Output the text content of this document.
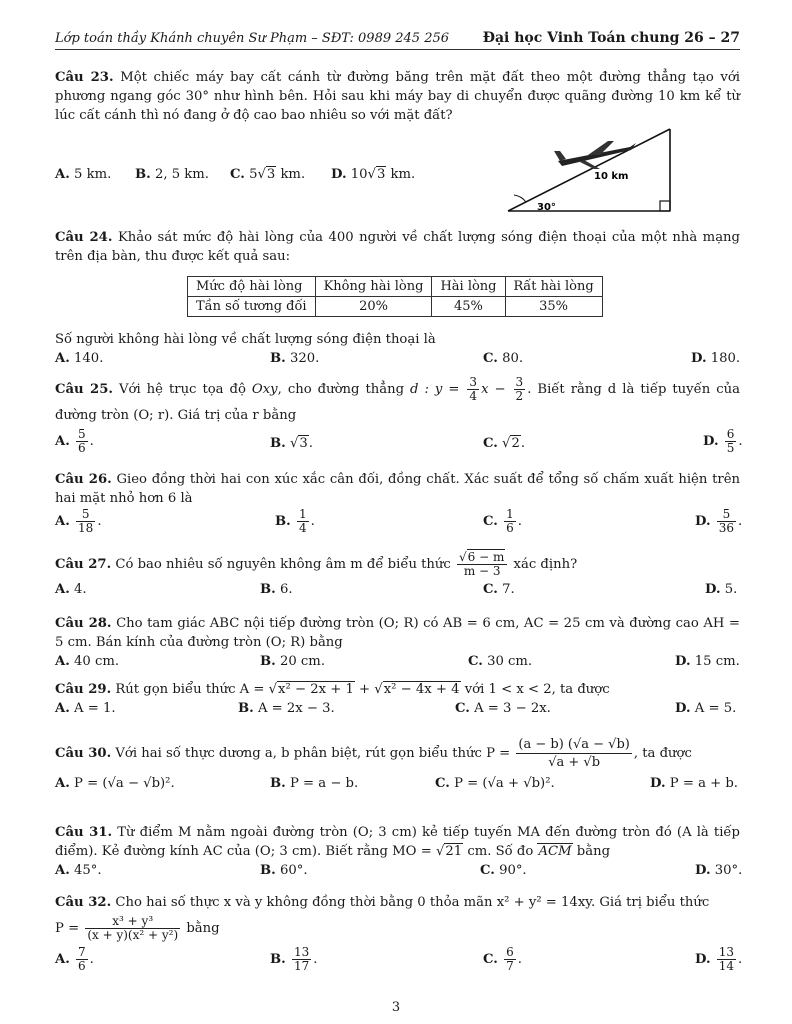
Lớp toán thầy Khánh chuyên Sư Phạm – SĐT: 0989 245 256 Đại học Vinh Toán chung 26 – 27

Câu 23. Một chiếc máy bay cất cánh từ đường băng trên mặt đất theo một đường thẳng tạo với phương ngang góc 30° như hình bên. Hỏi sau khi máy bay di chuyển được quãng đường 10 km kể từ lúc cất cánh thì nó đang ở độ cao bao nhiêu so với mặt đất?

A. 5 km. B. 2, 5 km. C. 5√3 km. D. 10√3 km.	10 km
30°

Câu 24. Khảo sát mức độ hài lòng của 400 người về chất lượng sóng điện thoại của một nhà mạng trên địa bàn, thu được kết quả sau:

Mức độ hài lòng	Không hài lòng	Hài lòng	Rất hài lòng
Tần số tương đối	20%	45%	35%

Số người không hài lòng về chất lượng sóng điện thoại là

A. 140.	B. 320.	C. 80.	D. 180.

Câu 25. Với hệ trục tọa độ Oxy, cho đường thẳng d : $y = \frac{3}{4}$ $x - \frac{3}{2}$ . Biết rằng d là tiếp tuyến của đường tròn (O; r). Giá trị của r bằng

A. $\frac{5}{6}$ .	B. √3.	C. √2.	D. $\frac{6}{5}$ .

Câu 26. Gieo đồng thời hai con xúc xắc cân đối, đồng chất. Xác suất để tổng số chấm xuất hiện trên hai mặt nhỏ hơn 6 là

A. $\frac{5}{18}$ .	B. $\frac{1}{4}$ .	C. $\frac{1}{6}$ .	D. $\frac{5}{36}$ .

Câu 27. Có bao nhiêu số nguyên không âm m để biểu thức $\frac{√6 - m}{m - 3}$ xác định?

A. 4.	B. 6.	C. 7.	D. 5.

Câu 28. Cho tam giác ABC nội tiếp đường tròn (O; R) có AB = 6 cm, AC = 25 cm và đường cao AH = 5 cm. Bán kính của đường tròn (O; R) bằng

A. 40 cm.	B. 20 cm.	C. 30 cm.	D. 15 cm.

Câu 29. Rút gọn biểu thức A = √x² − 2x + 1 + √x² − 4x + 4 với 1 < x < 2, ta được

A. A = 1.	B. A = 2x − 3.	C. A = 3 − 2x.	D. A = 5.

Câu 30. Với hai số thực dương a, b phân biệt, rút gọn biểu thức $P = \frac{(a - b) (√a - √b)}{√a + √b}$ , ta được

A. P = (√a − √b)².	B. P = a − b.	C. P = (√a + √b)².	D. P = a + b.

Câu 31. Từ điểm M nằm ngoài đường tròn (O; 3 cm) kẻ tiếp tuyến MA đến đường tròn đó (A là tiếp điểm). Kẻ đường kính AC của (O; 3 cm). Biết rằng MO = √21 cm. Số đo ACM bằng

A. 45°.	B. 60°.	C. 90°.	D. 30°.

Câu 32. Cho hai số thực x và y không đồng thời bằng 0 thỏa mãn x² + y² = 14xy. Giá trị biểu thức

$P = \frac{\text{x³ + y³}}{\text{(x + y)(x² + y²)}}$ bằng

A. $\frac{7}{6}$ .	B. $\frac{13}{17}$ .	C. $\frac{6}{7}$ .	D. $\frac{13}{14}$ .
3
